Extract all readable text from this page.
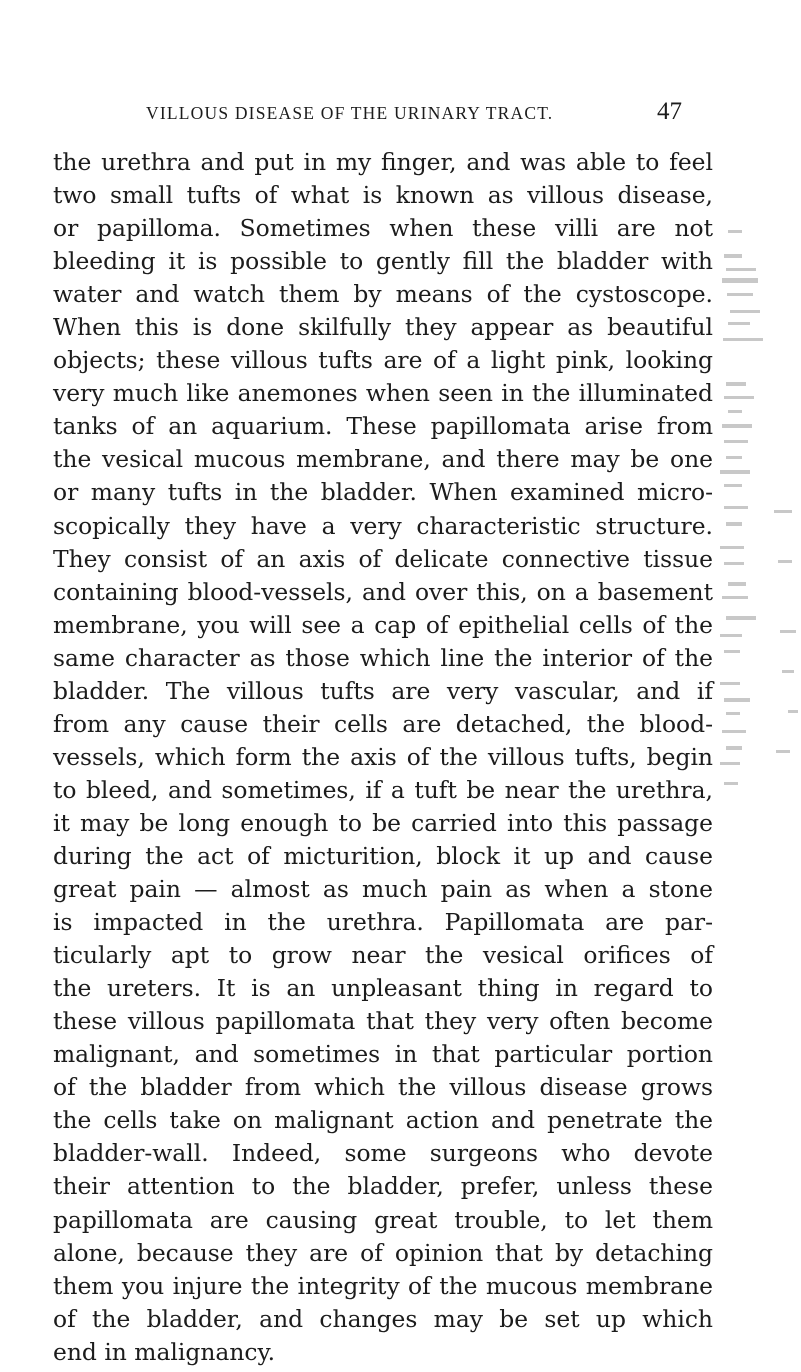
VILLOUS DISEASE OF THE URINARY TRACT.	47
the urethra and put in my finger, and was able to feel
two small tufts of what is known as villous disease,
or papilloma. Sometimes when these villi are not
bleeding it is possible to gently fill the bladder with
water and watch them by means of the cystoscope.
When this is done skilfully they appear as beautiful
objects; these villous tufts are of a light pink, looking
very much like anemones when seen in the illuminated
tanks of an aquarium. These papillomata arise from
the vesical mucous membrane, and there may be one
or many tufts in the bladder. When examined micro-
scopically they have a very characteristic structure.
They consist of an axis of delicate connective tissue
containing blood-vessels, and over this, on a basement
membrane, you will see a cap of epithelial cells of the
same character as those which line the interior of the
bladder. The villous tufts are very vascular, and if
from any cause their cells are detached, the blood-
vessels, which form the axis of the villous tufts, begin
to bleed, and sometimes, if a tuft be near the urethra,
it may be long enough to be carried into this passage
during the act of micturition, block it up and cause
great pain — almost as much pain as when a stone
is impacted in the urethra. Papillomata are par-
ticularly apt to grow near the vesical orifices of
the ureters. It is an unpleasant thing in regard to
these villous papillomata that they very often become
malignant, and sometimes in that particular portion
of the bladder from which the villous disease grows
the cells take on malignant action and penetrate the
bladder-wall. Indeed, some surgeons who devote
their attention to the bladder, prefer, unless these
papillomata are causing great trouble, to let them
alone, because they are of opinion that by detaching
them you injure the integrity of the mucous membrane
of the bladder, and changes may be set up which
end in malignancy.
